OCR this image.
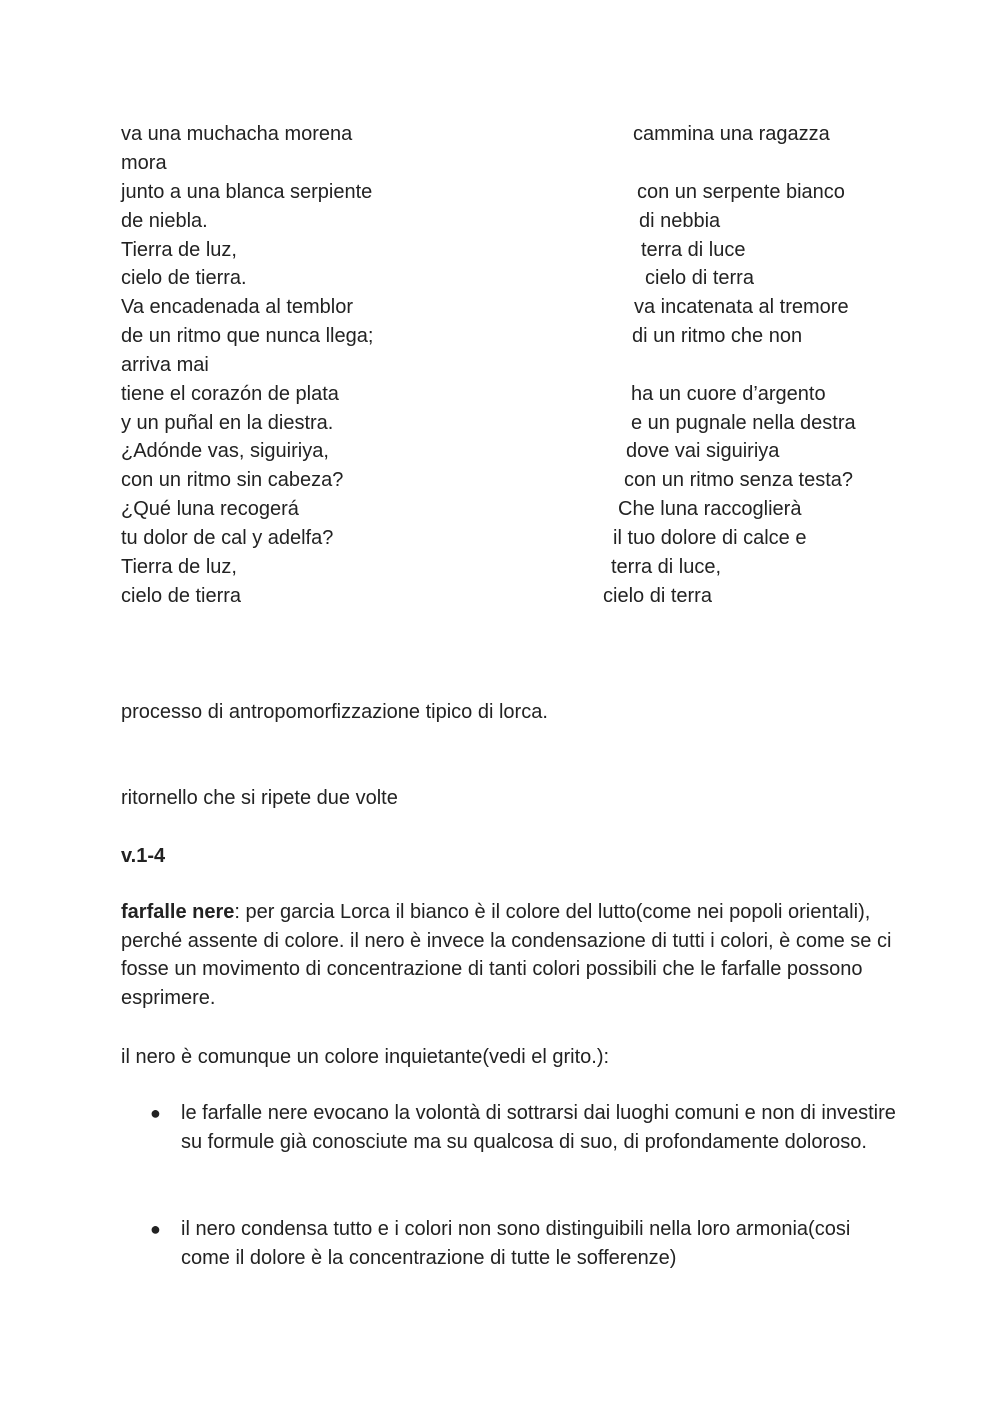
va una muchacha morena

mora

junto a una blanca serpiente

de niebla.

Tierra de luz,

cielo de tierra.

Va encadenada al temblor

de un ritmo que nunca llega;

arriva mai

tiene el corazón de plata

y un puñal en la diestra.

¿Adónde vas, siguiriya,

con un ritmo sin cabeza?

¿Qué luna recogerá

tu dolor de cal y adelfa?

Tierra de luz,

cielo de tierra

cammina una ragazza

con un serpente bianco

di nebbia

terra di luce

cielo di terra

va incatenata al tremore

di un ritmo che non

ha un cuore d’argento

e un pugnale nella destra

dove vai siguiriya

con un ritmo senza testa?

Che luna raccoglierà

il tuo dolore di calce e

terra di luce,

cielo di terra

processo di antropomorfizzazione tipico di lorca.

ritornello che si ripete due volte

v.1-4

farfalle nere: per garcia Lorca il bianco è il colore del lutto(come nei popoli orientali), perché assente di colore. il nero è invece la condensazione di tutti i colori, è come se ci fosse un movimento di concentrazione di tanti colori possibili che le farfalle possono esprimere.

il nero è comunque un colore inquietante(vedi el grito.):

● le farfalle nere evocano la volontà di sottrarsi dai luoghi comuni e non di investire su formule già conosciute ma su qualcosa di suo, di profondamente doloroso.

● il nero condensa tutto e i colori non sono distinguibili nella loro armonia(cosi come il dolore è la concentrazione di tutte le sofferenze)
